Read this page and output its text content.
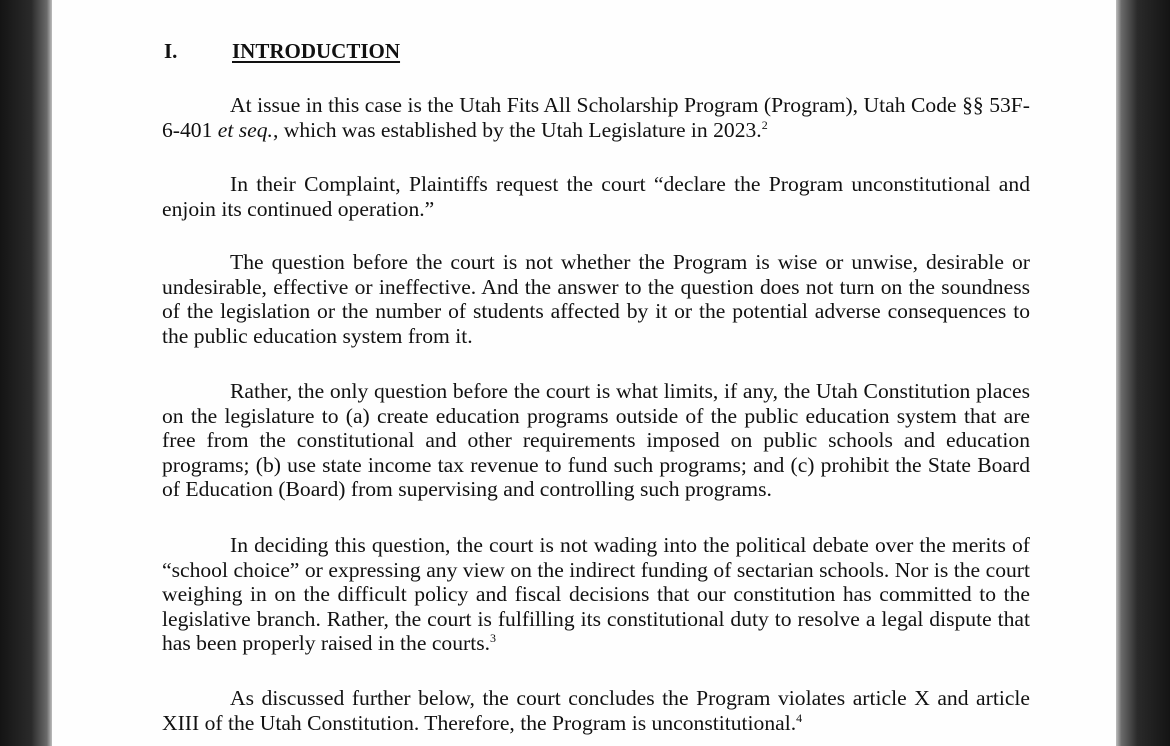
I.	INTRODUCTION

At issue in this case is the Utah Fits All Scholarship Program (Program), Utah Code §§ 53F-6-401 et seq., which was established by the Utah Legislature in 2023.$^2$

In their Complaint, Plaintiffs request the court “declare the Program unconstitutional and enjoin its continued operation.”

The question before the court is not whether the Program is wise or unwise, desirable or undesirable, effective or ineffective. And the answer to the question does not turn on the soundness of the legislation or the number of students affected by it or the potential adverse consequences to the public education system from it.

Rather, the only question before the court is what limits, if any, the Utah Constitution places on the legislature to (a) create education programs outside of the public education system that are free from the constitutional and other requirements imposed on public schools and education programs; (b) use state income tax revenue to fund such programs; and (c) prohibit the State Board of Education (Board) from supervising and controlling such programs.

In deciding this question, the court is not wading into the political debate over the merits of “school choice” or expressing any view on the indirect funding of sectarian schools. Nor is the court weighing in on the difficult policy and fiscal decisions that our constitution has committed to the legislative branch. Rather, the court is fulfilling its constitutional duty to resolve a legal dispute that has been properly raised in the courts.$^3$

As discussed further below, the court concludes the Program violates article X and article XIII of the Utah Constitution. Therefore, the Program is unconstitutional.$^4$
